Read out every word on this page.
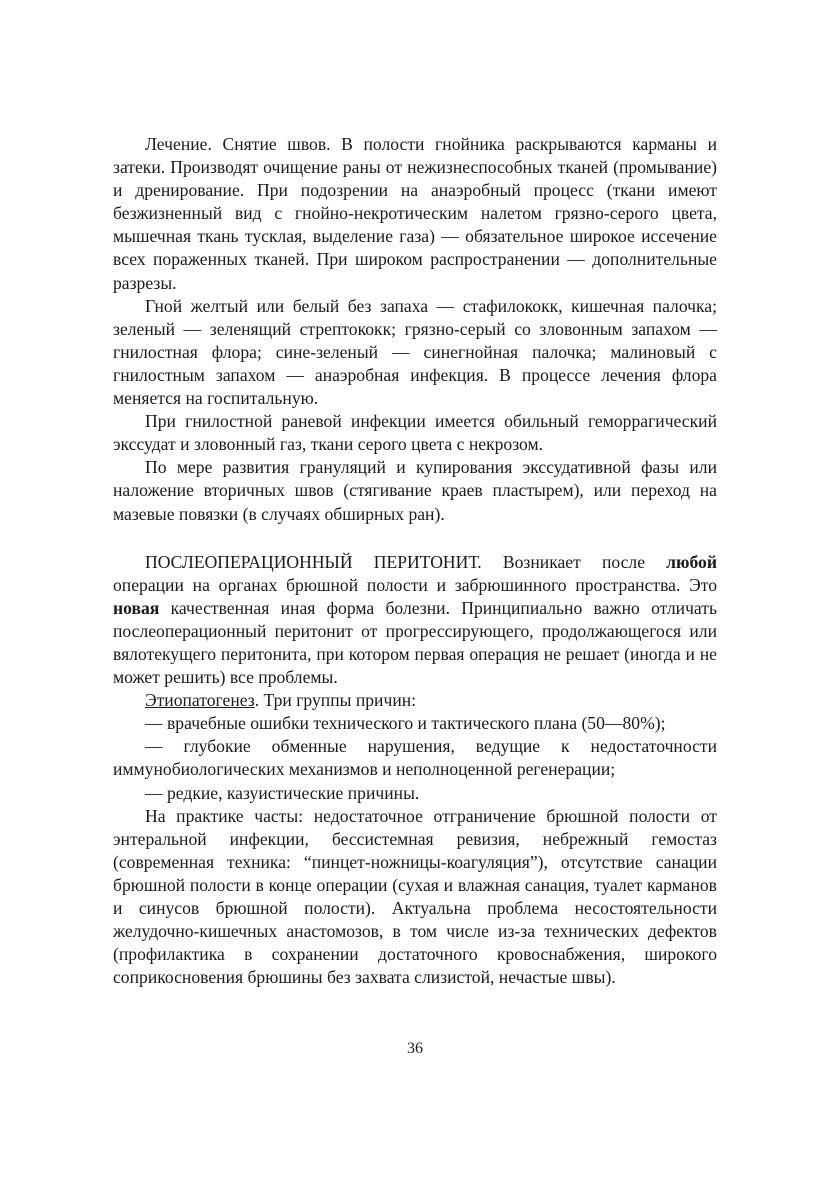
Лечение. Снятие швов. В полости гнойника раскрываются карманы и затеки. Производят очищение раны от нежизнеспособных тканей (промывание) и дренирование. При подозрении на анаэробный процесс (ткани имеют безжизненный вид с гнойно-некротическим налетом грязно-серого цвета, мышечная ткань тусклая, выделение газа) — обязательное широкое иссечение всех пораженных тканей. При широком распространении — дополнительные разрезы.

Гной желтый или белый без запаха — стафилококк, кишечная палочка; зеленый — зеленящий стрептококк; грязно-серый со зловонным запахом — гнилостная флора; сине-зеленый — синегнойная палочка; малиновый с гнилостным запахом — анаэробная инфекция. В процессе лечения флора меняется на госпитальную.

При гнилостной раневой инфекции имеется обильный геморрагический экссудат и зловонный газ, ткани серого цвета с некрозом.

По мере развития грануляций и купирования экссудативной фазы или наложение вторичных швов (стягивание краев пластырем), или переход на мазевые повязки (в случаях обширных ран).

ПОСЛЕОПЕРАЦИОННЫЙ ПЕРИТОНИТ. Возникает после любой операции на органах брюшной полости и забрюшинного пространства. Это новая качественная иная форма болезни. Принципиально важно отличать послеоперационный перитонит от прогрессирующего, продолжающегося или вялотекущего перитонита, при котором первая операция не решает (иногда и не может решить) все проблемы.

Этиопатогенез. Три группы причин:

— врачебные ошибки технического и тактического плана (50—80%);

— глубокие обменные нарушения, ведущие к недостаточности иммунобиологических механизмов и неполноценной регенерации;

— редкие, казуистические причины.

На практике часты: недостаточное отграничение брюшной полости от энтеральной инфекции, бессистемная ревизия, небрежный гемостаз (современная техника: “пинцет-ножницы-коагуляция”), отсутствие санации брюшной полости в конце операции (сухая и влажная санация, туалет карманов и синусов брюшной полости). Актуальна проблема несостоятельности желудочно-кишечных анастомозов, в том числе из-за технических дефектов (профилактика в сохранении достаточного кровоснабжения, широкого соприкосновения брюшины без захвата слизистой, нечастые швы).

36
